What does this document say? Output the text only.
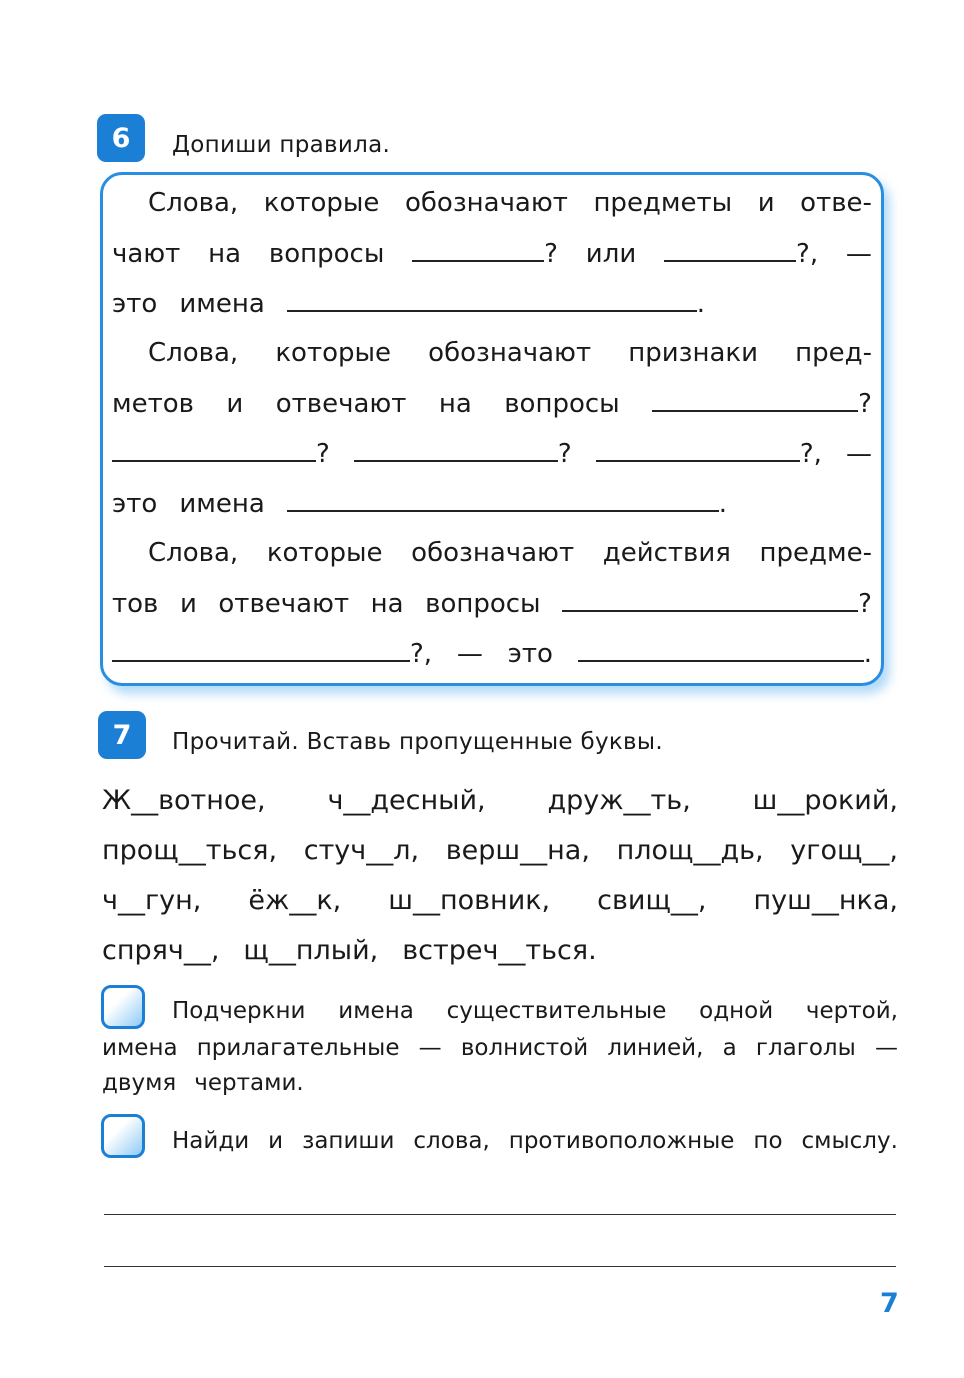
6	Допиши правила.
Слова, которые обозначают предметы и отве-
чают на вопросы	? или	?, —
это имена	.
Слова, которые обозначают признаки пред-
метов и отвечают на вопросы	?
?	?	?, —
это имена	.
Слова, которые обозначают действия предме-
тов и отвечают на вопросы	?
?, — это	.
7	Прочитай. Вставь пропущенные буквы.
Ж__вотное, ч__десный, друж__ть, ш__рокий,
прощ__ться, стуч__л, верш__на, площ__дь, угощ__,
ч__гун, ёж__к, ш__повник, свищ__, пуш__нка,
спряч__, щ__плый, встреч__ться.
Подчеркни имена существительные одной чертой,
имена прилагательные — волнистой линией, а глаголы —
двумя чертами.
Найди и запиши слова, противоположные по смыслу.
7
